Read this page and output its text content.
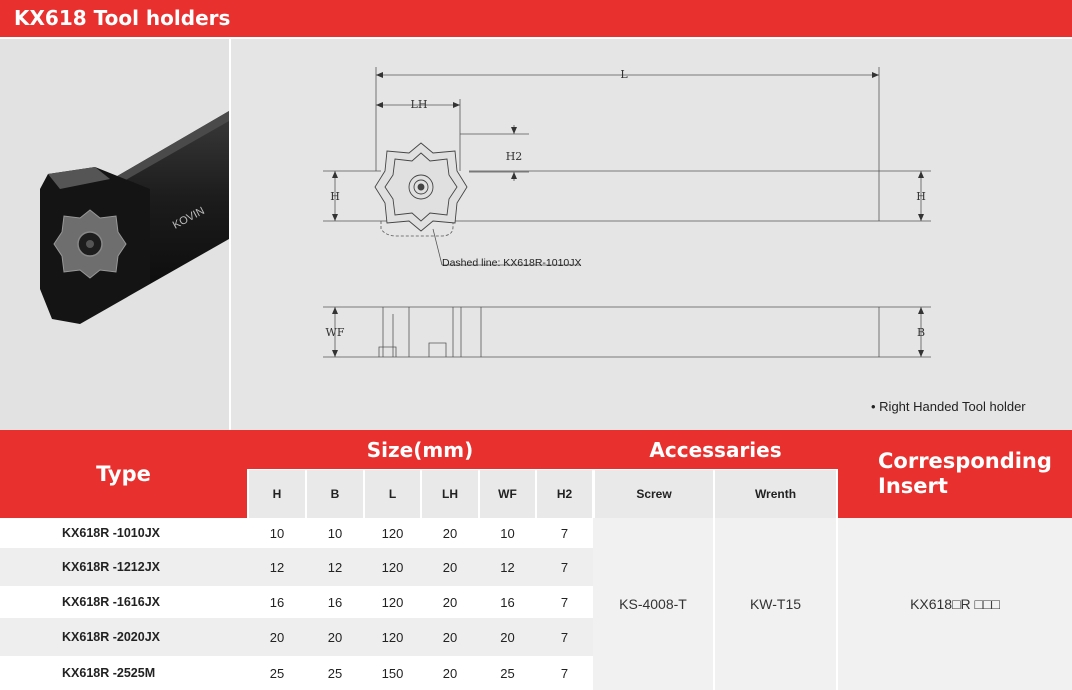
KX618 Tool holders
KOVIN
L
LH
H2
H	H
WF	B
Dashed line: KX618R-1010JX
• Right Handed Tool holder
Type
Size(mm)	Accessaries	Corresponding Insert
H	B	L	LH	WF	H2	Screw	Wrenth
KX618R -1010JX	10	10	120	20	10	7
KX618R -1212JX	12	12	120	20	12	7
KX618R -1616JX	16	16	120	20	16	7
KX618R -2020JX	20	20	120	20	20	7
KX618R -2525M	25	25	150	20	25	7
KS-4008-T	KW-T15	KX618□R □□□
